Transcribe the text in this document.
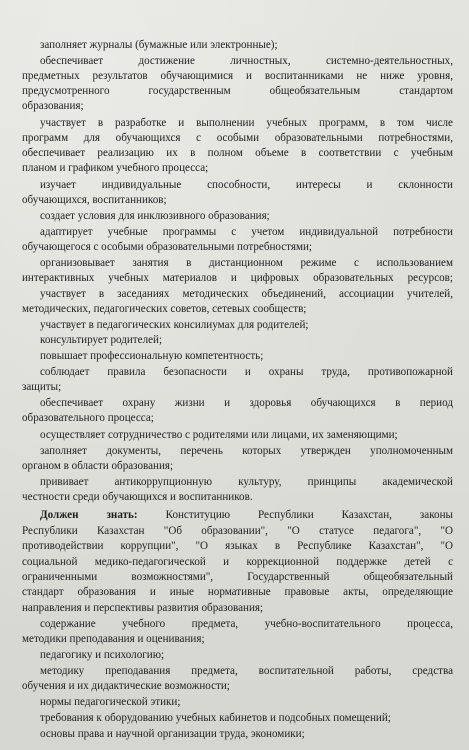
заполняет журналы (бумажные или электронные);
обеспечивает достижение личностных, системно-деятельностных,
предметных результатов обучающимися и воспитанниками не ниже уровня,
предусмотренного государственным общеобязательным стандартом
образования;
участвует в разработке и выполнении учебных программ, в том числе
программ для обучающихся с особыми образовательными потребностями,
обеспечивает реализацию их в полном объеме в соответствии с учебным
планом и графиком учебного процесса;
изучает индивидуальные способности, интересы и склонности
обучающихся, воспитанников;
создает условия для инклюзивного образования;
адаптирует учебные программы с учетом индивидуальной потребности
обучающегося с особыми образовательными потребностями;
организовывает занятия в дистанционном режиме с использованием
интерактивных учебных материалов и цифровых образовательных ресурсов;
участвует в заседаниях методических объединений, ассоциации учителей,
методических, педагогических советов, сетевых сообществ;
участвует в педагогических консилиумах для родителей;
консультирует родителей;
повышает профессиональную компетентность;
соблюдает правила безопасности и охраны труда, противопожарной
защиты;
обеспечивает охрану жизни и здоровья обучающихся в период
образовательного процесса;
осуществляет сотрудничество с родителями или лицами, их заменяющими;
заполняет документы, перечень которых утвержден уполномоченным
органом в области образования;
прививает антикоррупционную культуру, принципы академической
честности среди обучающихся и воспитанников.
Должен знать:	Конституцию Республики Казахстан, законы
Республики Казахстан "Об образовании", "О статусе педагога", "О
противодействии коррупции", "О языках в Республике Казахстан", "О
социальной медико-педагогической и коррекционной поддержке детей с
ограниченными возможностями", Государственный общеобязательный
стандарт образования и иные нормативные правовые акты, определяющие
направления и перспективы развития образования;
содержание учебного предмета, учебно-воспитательного процесса,
методики преподавания и оценивания;
педагогику и психологию;
методику преподавания предмета, воспитательной работы, средства
обучения и их дидактические возможности;
нормы педагогической этики;
требования к оборудованию учебных кабинетов и подсобных помещений;
основы права и научной организации труда, экономики;
